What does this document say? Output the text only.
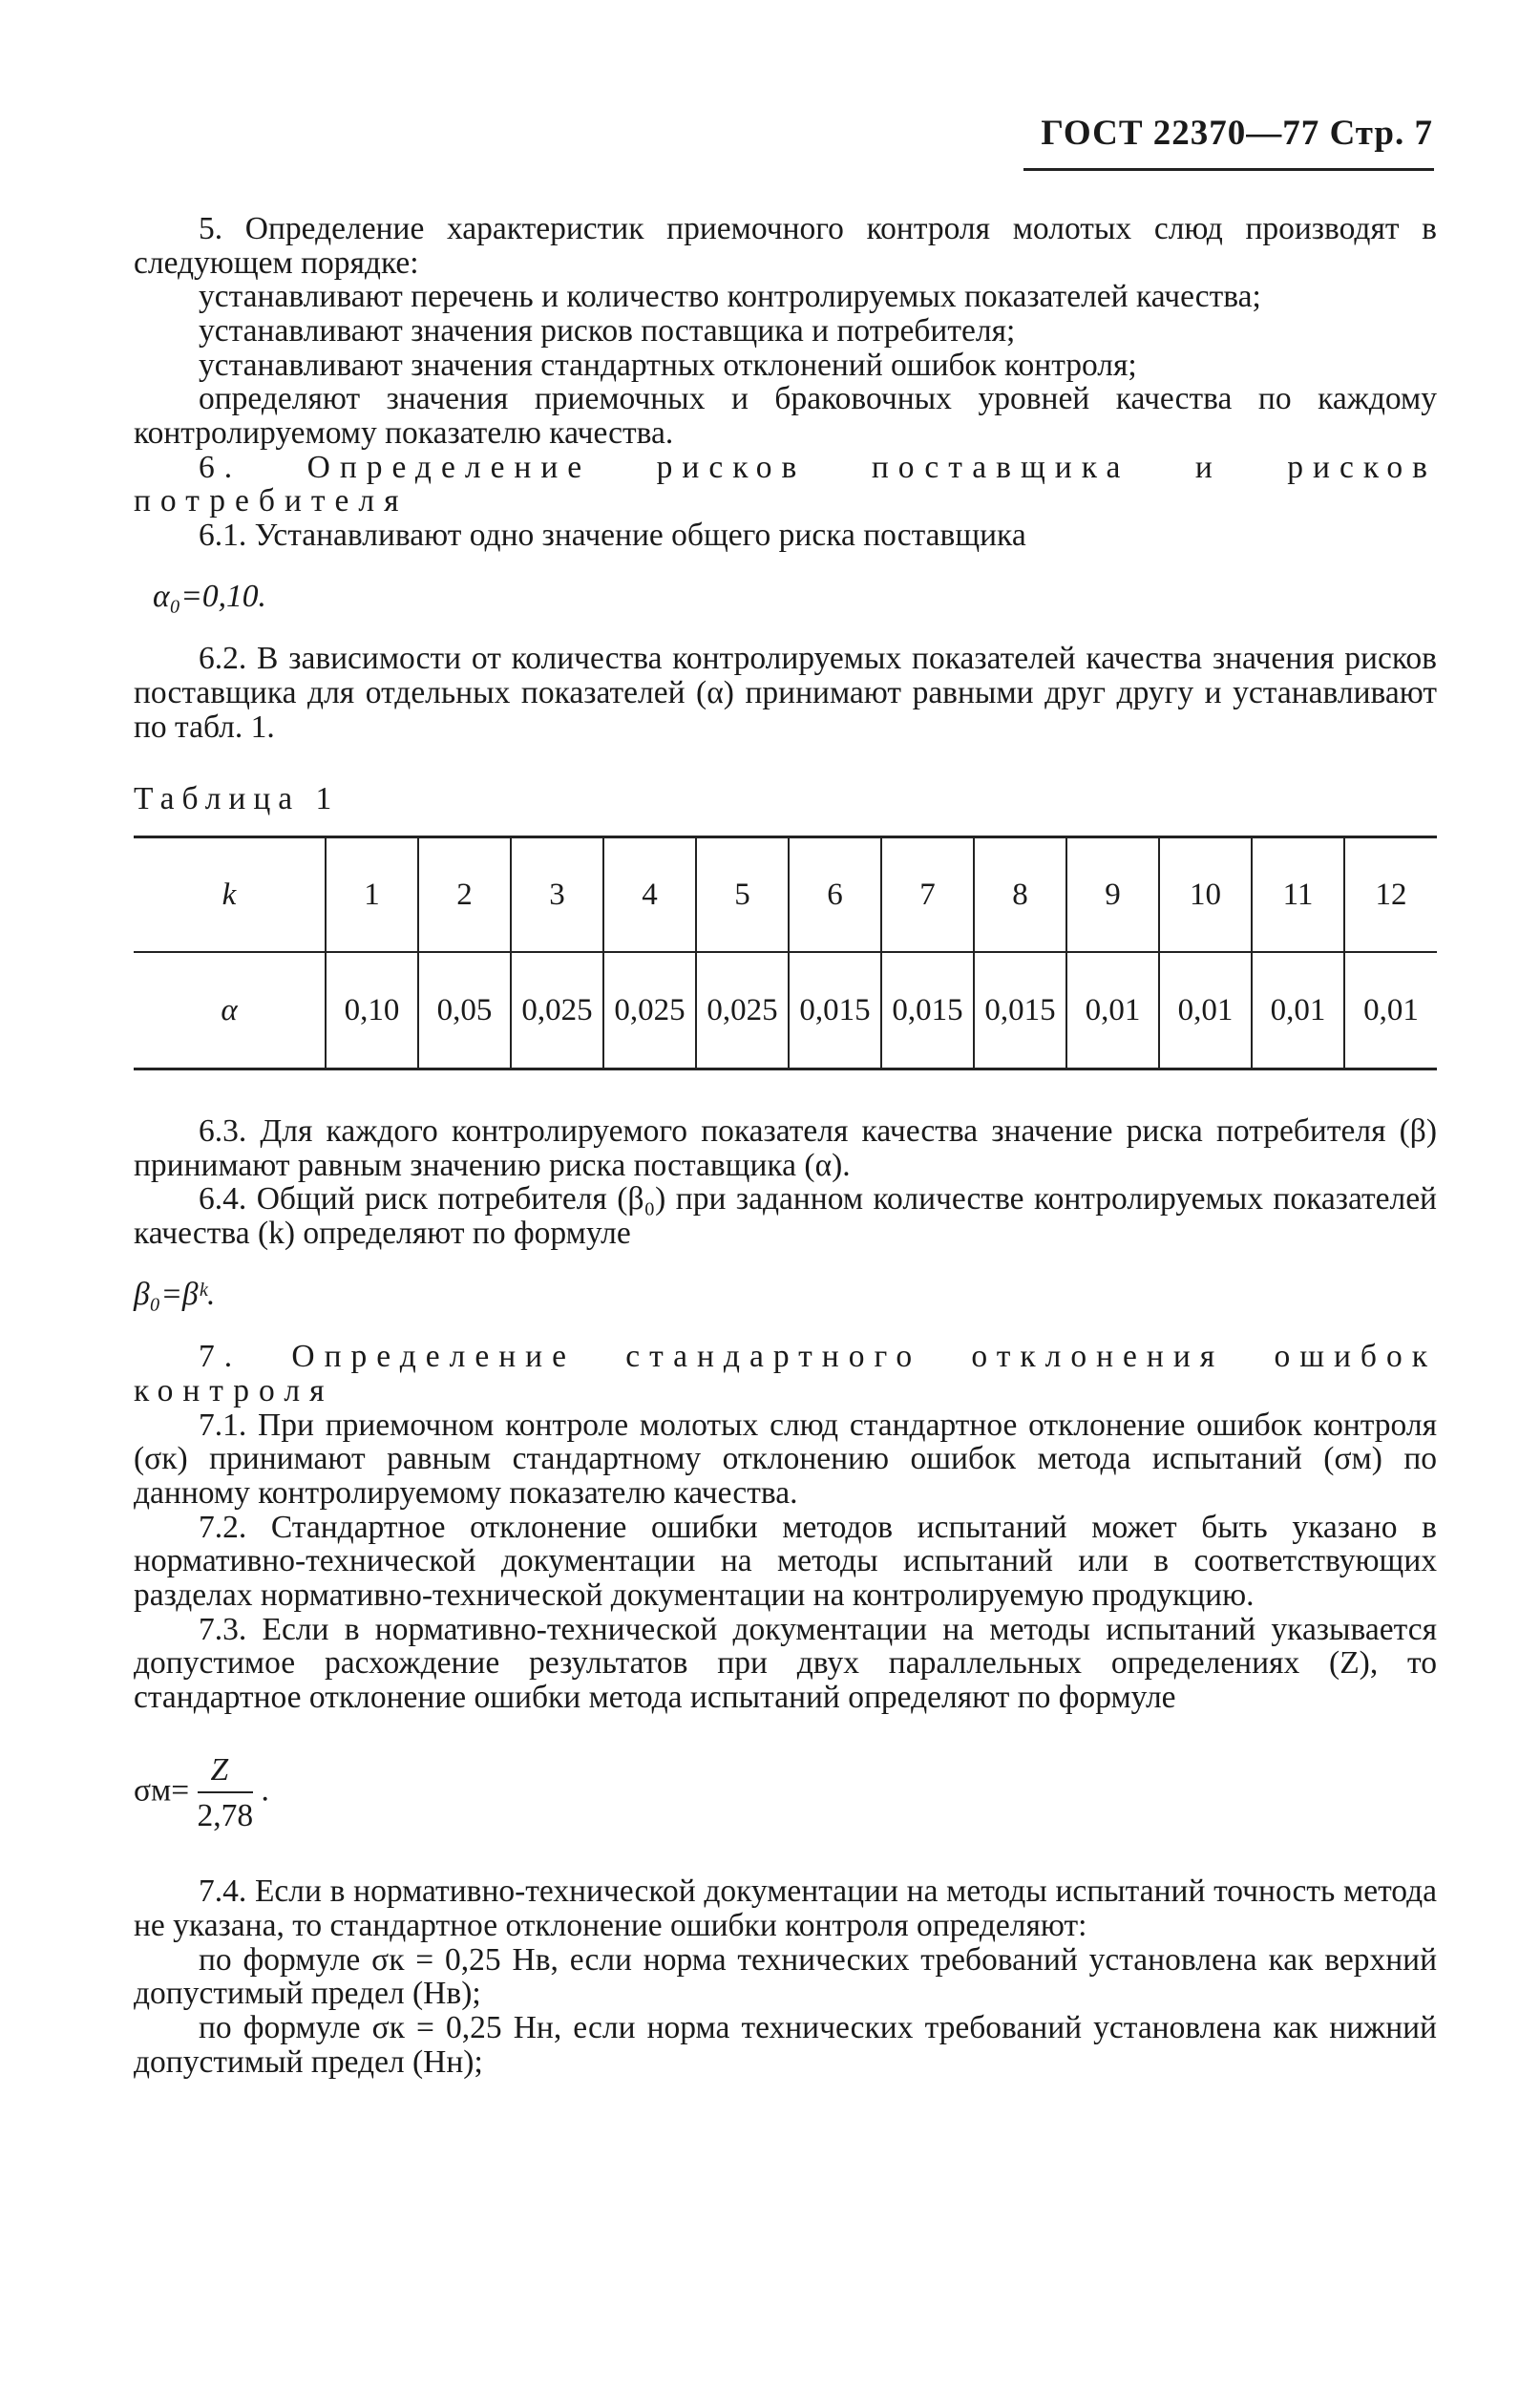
ГОСТ 22370—77 Стр. 7

5. Определение характеристик приемочного контроля молотых слюд производят в следующем порядке:

устанавливают перечень и количество контролируемых показателей качества;

устанавливают значения рисков поставщика и потребителя;

устанавливают значения стандартных отклонений ошибок контроля;

определяют значения приемочных и браковочных уровней качества по каждому контролируемому показателю качества.

6. Определение рисков поставщика и рисков потребителя

6.1. Устанавливают одно значение общего риска поставщика

α₀=0,10.

6.2. В зависимости от количества контролируемых показателей качества значения рисков поставщика для отдельных показателей (α) принимают равными друг другу и устанавливают по табл. 1.

Таблица 1

k	1	2	3	4	5	6	7	8	9	10	11	12
α	0,10	0,05	0,025	0,025	0,025	0,015	0,015	0,015	0,01	0,01	0,01	0,01

6.3. Для каждого контролируемого показателя качества значение риска потребителя (β) принимают равным значению риска поставщика (α).

6.4. Общий риск потребителя (β₀) при заданном количестве контролируемых показателей качества (k) определяют по формуле

β₀=βᵏ.

7. Определение стандартного отклонения ошибок контроля

7.1. При приемочном контроле молотых слюд стандартное отклонение ошибок контроля (σк) принимают равным стандартному отклонению ошибок метода испытаний (σм) по данному контролируемому показателю качества.

7.2. Стандартное отклонение ошибки методов испытаний может быть указано в нормативно-технической документации на методы испытаний или в соответствующих разделах нормативно-технической документации на контролируемую продукцию.

7.3. Если в нормативно-технической документации на методы испытаний указывается допустимое расхождение результатов при двух параллельных определениях (Z), то стандартное отклонение ошибки метода испытаний определяют по формуле

$\sigma м= \frac{Z}{2,78}$ .

7.4. Если в нормативно-технической документации на методы испытаний точность метода не указана, то стандартное отклонение ошибки контроля определяют:

по формуле σк = 0,25 Нв, если норма технических требований установлена как верхний допустимый предел (Нв);

по формуле σк = 0,25 Нн, если норма технических требований установлена как нижний допустимый предел (Нн);
